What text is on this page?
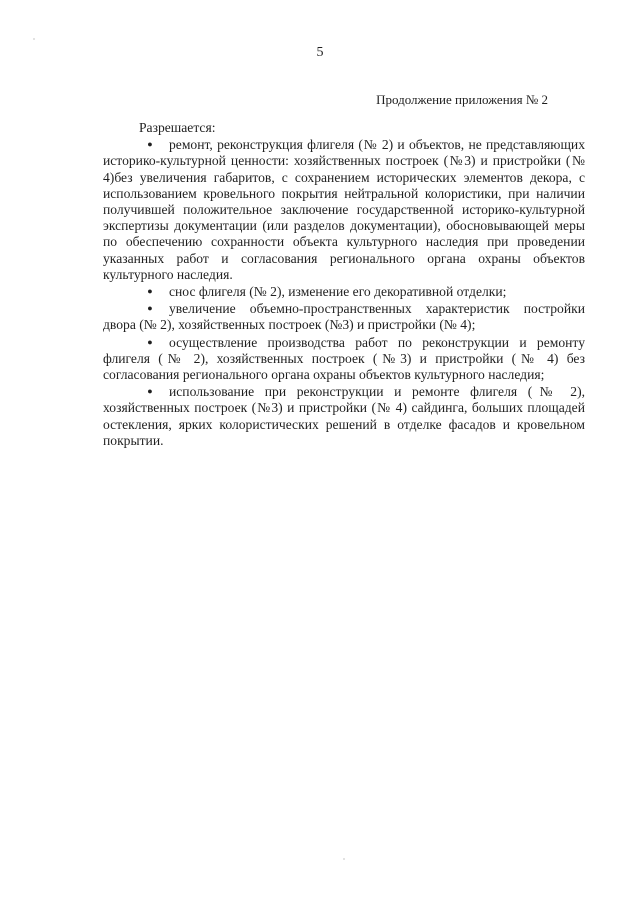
5
Продолжение приложения № 2

Разрешается:

● ремонт, реконструкция флигеля (№ 2) и объектов, не представляющих историко-культурной ценности: хозяйственных построек (№3) и пристройки (№ 4)без увеличения габаритов, с сохранением исторических элементов декора, с использованием кровельного покрытия нейтральной колористики, при наличии получившей положительное заключение государственной историко-культурной экспертизы документации (или разделов документации), обосновывающей меры по обеспечению сохранности объекта культурного наследия при проведении указанных работ и согласования регионального органа охраны объектов культурного наследия.

● снос флигеля (№ 2), изменение его декоративной отделки;

● увеличение объемно-пространственных характеристик постройки двора (№ 2), хозяйственных построек (№3) и пристройки (№ 4);

● осуществление производства работ по реконструкции и ремонту флигеля (№ 2), хозяйственных построек (№3) и пристройки (№ 4) без согласования регионального органа охраны объектов культурного наследия;

● использование при реконструкции и ремонте флигеля (№ 2), хозяйственных построек (№3) и пристройки (№ 4) сайдинга, больших площадей остекления, ярких колористических решений в отделке фасадов и кровельном покрытии.
